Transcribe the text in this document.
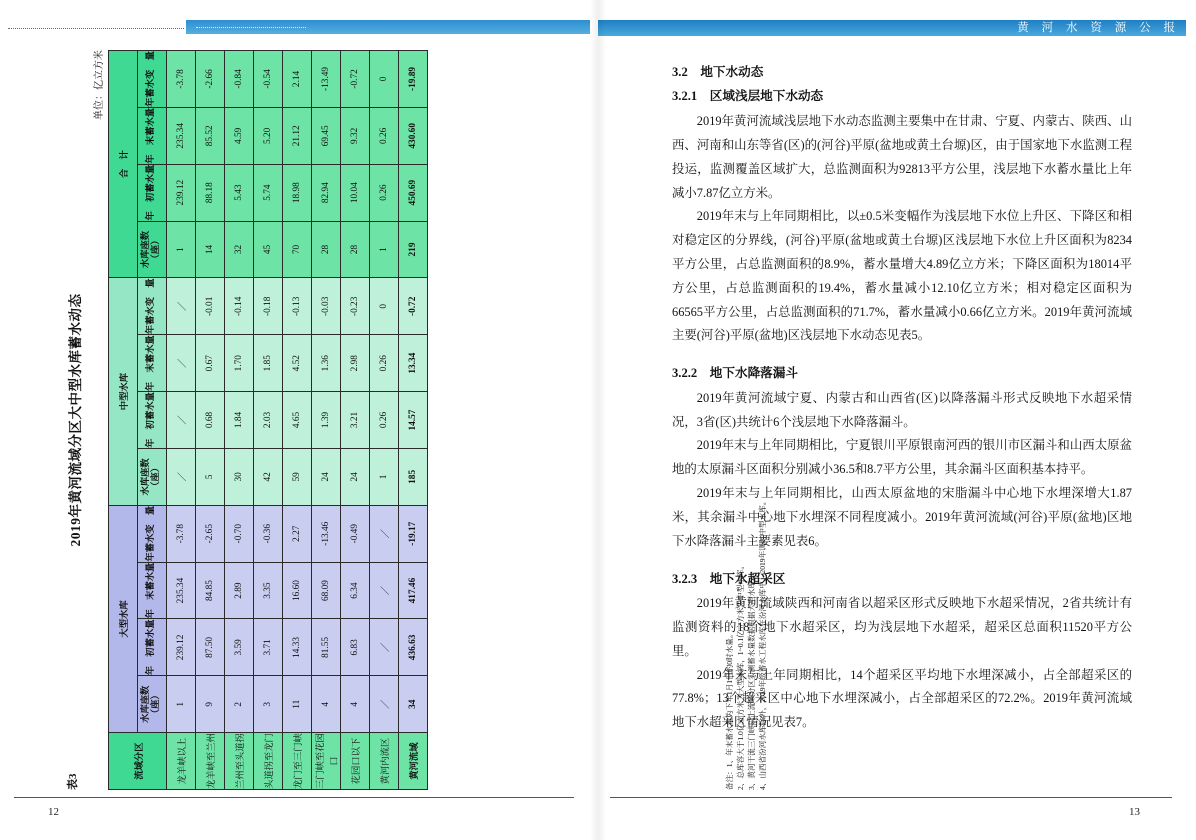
黄 河 水 资 源 公 报
表3
2019年黄河流域分区大中型水库蓄水动态
单位：亿立方米
流域分区	大型水库				中型水库				合　计			
	水库座数（座）	年　初蓄水量	年　末蓄水量	年蓄水变　量	水库座数（座）	年　初蓄水量	年　末蓄水量	年蓄水变　量	水库座数（座）	年　初蓄水量	年　末蓄水量	年蓄水变　量
龙羊峡以上	1	239.12	235.34	-3.78	／	／	／	／	1	239.12	235.34	-3.78
龙羊峡至兰州	9	87.50	84.85	-2.65	5	0.68	0.67	-0.01	14	88.18	85.52	-2.66
兰州至头道拐	2	3.59	2.89	-0.70	30	1.84	1.70	-0.14	32	5.43	4.59	-0.84
头道拐至龙门	3	3.71	3.35	-0.36	42	2.03	1.85	-0.18	45	5.74	5.20	-0.54
龙门至三门峡	11	14.33	16.60	2.27	59	4.65	4.52	-0.13	70	18.98	21.12	2.14
三门峡至花园口	4	81.55	68.09	-13.46	24	1.39	1.36	-0.03	28	82.94	69.45	-13.49
花园口以下	4	6.83	6.34	-0.49	24	3.21	2.98	-0.23	28	10.04	9.32	-0.72
黄河内流区	／	／	／	／	1	0.26	0.26	0	1	0.26	0.26	0
黄河流域	34	436.63	417.46	-19.17	185	14.57	13.34	-0.72	219	450.69	430.60	-19.89
备注：1、年末蓄水量为下年1月1日的0时水量。 2、总库容大于1.0亿立方米为大型水库，1~0.1亿立方米为中型水库。 3、黄河干流三门峡以上流域分区实测蓄水量数据根据大型水库。 4、山西省汾河水库除外，2019年级蓄水工程水库在汾河水库中，2019年调时中型水库。
3.2　地下水动态
3.2.1　区域浅层地下水动态

2019年黄河流域浅层地下水动态监测主要集中在甘肃、宁夏、内蒙古、陕西、山西、河南和山东等省(区)的(河谷)平原(盆地或黄土台塬)区，由于国家地下水监测工程投运，监测覆盖区域扩大，总监测面积为92813平方公里，浅层地下水蓄水量比上年减小7.87亿立方米。

2019年末与上年同期相比，以±0.5米变幅作为浅层地下水位上升区、下降区和相对稳定区的分界线，(河谷)平原(盆地或黄土台塬)区浅层地下水位上升区面积为8234平方公里，占总监测面积的8.9%，蓄水量增大4.89亿立方米；下降区面积为18014平方公里，占总监测面积的19.4%，蓄水量减小12.10亿立方米；相对稳定区面积为66565平方公里，占总监测面积的71.7%，蓄水量减小0.66亿立方米。2019年黄河流域主要(河谷)平原(盆地)区浅层地下水动态见表5。

3.2.2　地下水降落漏斗

2019年黄河流域宁夏、内蒙古和山西省(区)以降落漏斗形式反映地下水超采情况，3省(区)共统计6个浅层地下水降落漏斗。

2019年末与上年同期相比，宁夏银川平原银南河西的银川市区漏斗和山西太原盆地的太原漏斗区面积分别减小36.5和8.7平方公里，其余漏斗区面积基本持平。

2019年末与上年同期相比，山西太原盆地的宋脂漏斗中心地下水埋深增大1.87米，其余漏斗中心地下水埋深不同程度减小。2019年黄河流域(河谷)平原(盆地)区地下水降落漏斗主要素见表6。

3.2.3　地下水超采区

2019年黄河流域陕西和河南省以超采区形式反映地下水超采情况，2省共统计有监测资料的18个地下水超采区，均为浅层地下水超采，超采区总面积11520平方公里。

2019年末与上年同期相比，14个超采区平均地下水埋深减小，占全部超采区的77.8%；13个超采区中心地下水埋深减小，占全部超采区的72.2%。2019年黄河流域地下水超采区情况见表7。

12	13
